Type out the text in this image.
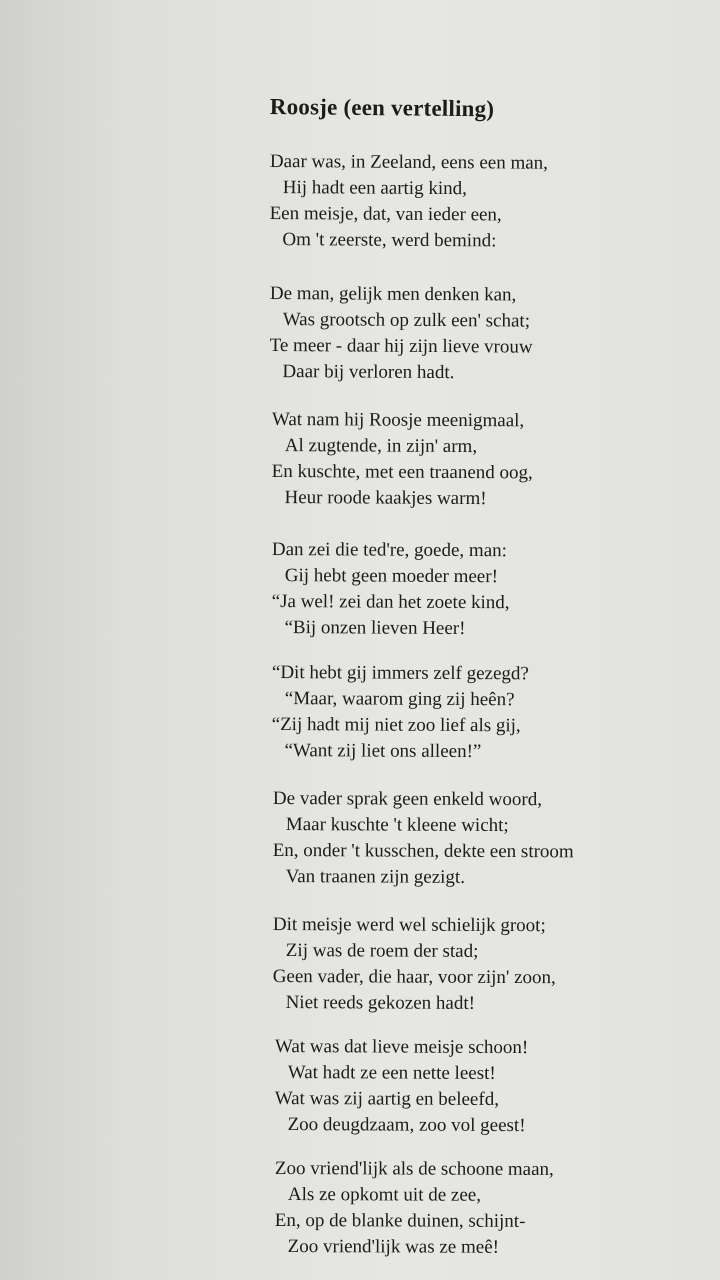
Roosje (een vertelling)
Daar was, in Zeeland, eens een man,
Hij hadt een aartig kind,
Een meisje, dat, van ieder een,
Om 't zeerste, werd bemind:
De man, gelijk men denken kan,
Was grootsch op zulk een' schat;
Te meer - daar hij zijn lieve vrouw
Daar bij verloren hadt.
Wat nam hij Roosje meenigmaal,
Al zugtende, in zijn' arm,
En kuschte, met een traanend oog,
Heur roode kaakjes warm!
Dan zei die ted're, goede, man:
Gij hebt geen moeder meer!
“Ja wel! zei dan het zoete kind,
“Bij onzen lieven Heer!
“Dit hebt gij immers zelf gezegd?
“Maar, waarom ging zij heên?
“Zij hadt mij niet zoo lief als gij,
“Want zij liet ons alleen!”
De vader sprak geen enkeld woord,
Maar kuschte 't kleene wicht;
En, onder 't kusschen, dekte een stroom
Van traanen zijn gezigt.
Dit meisje werd wel schielijk groot;
Zij was de roem der stad;
Geen vader, die haar, voor zijn' zoon,
Niet reeds gekozen hadt!
Wat was dat lieve meisje schoon!
Wat hadt ze een nette leest!
Wat was zij aartig en beleefd,
Zoo deugdzaam, zoo vol geest!
Zoo vriend'lijk als de schoone maan,
Als ze opkomt uit de zee,
En, op de blanke duinen, schijnt-
Zoo vriend'lijk was ze meê!
